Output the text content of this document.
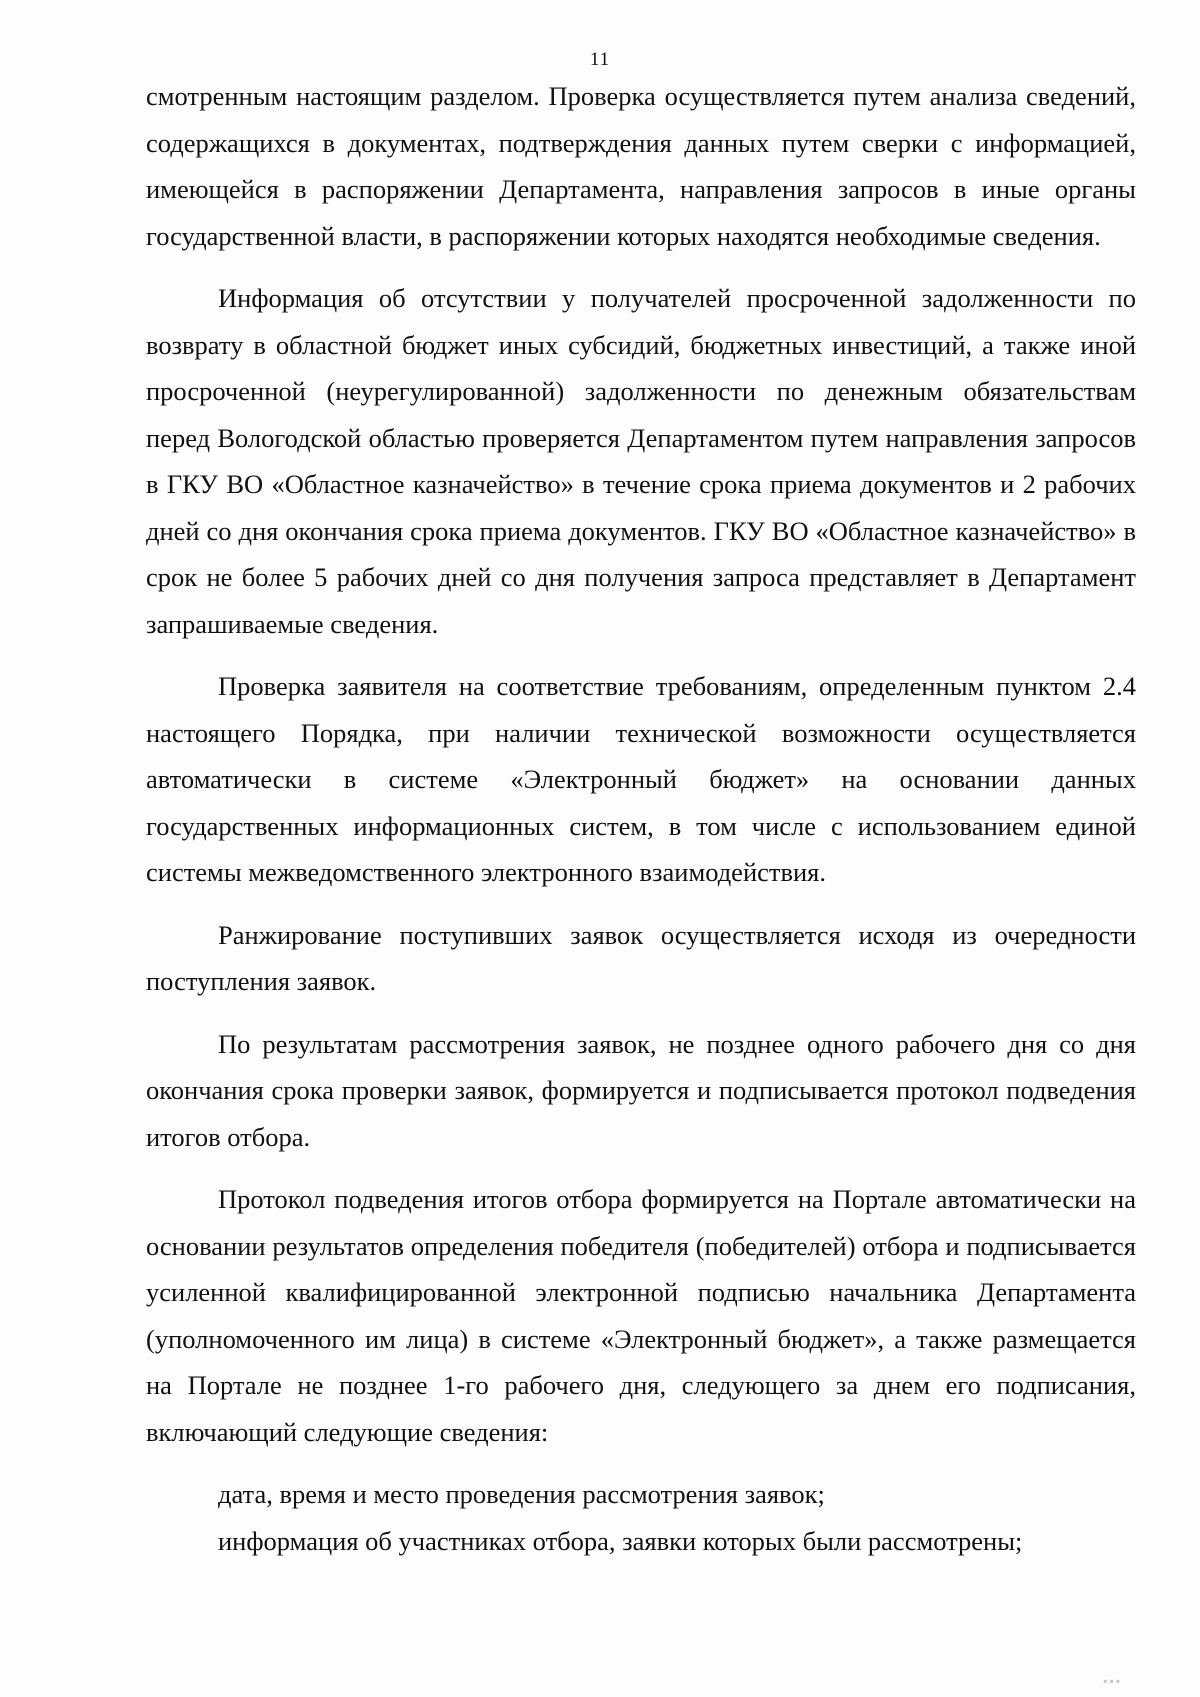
11

смотренным настоящим разделом. Проверка осуществляется путем анализа сведений, содержащихся в документах, подтверждения данных путем сверки с информацией, имеющейся в распоряжении Департамента, направления запросов в иные органы государственной власти, в распоряжении которых находятся необходимые сведения.

Информация об отсутствии у получателей просроченной задолженности по возврату в областной бюджет иных субсидий, бюджетных инвестиций, а также иной просроченной (неурегулированной) задолженности по денежным обязательствам перед Вологодской областью проверяется Департаментом путем направления запросов в ГКУ ВО «Областное казначейство» в течение срока приема документов и 2 рабочих дней со дня окончания срока приема документов. ГКУ ВО «Областное казначейство» в срок не более 5 рабочих дней со дня получения запроса представляет в Департамент запрашиваемые сведения.

Проверка заявителя на соответствие требованиям, определенным пунктом 2.4 настоящего Порядка, при наличии технической возможности осуществляется автоматически в системе «Электронный бюджет» на основании данных государственных информационных систем, в том числе с использованием единой системы межведомственного электронного взаимодействия.

Ранжирование поступивших заявок осуществляется исходя из очередности поступления заявок.

По результатам рассмотрения заявок, не позднее одного рабочего дня со дня окончания срока проверки заявок, формируется и подписывается протокол подведения итогов отбора.

Протокол подведения итогов отбора формируется на Портале автоматически на основании результатов определения победителя (победителей) отбора и подписывается усиленной квалифицированной электронной подписью начальника Департамента (уполномоченного им лица) в системе «Электронный бюджет», а также размещается на Портале не позднее 1-го рабочего дня, следующего за днем его подписания, включающий следующие сведения:

дата, время и место проведения рассмотрения заявок;

информация об участниках отбора, заявки которых были рассмотрены;

▪▪▪
